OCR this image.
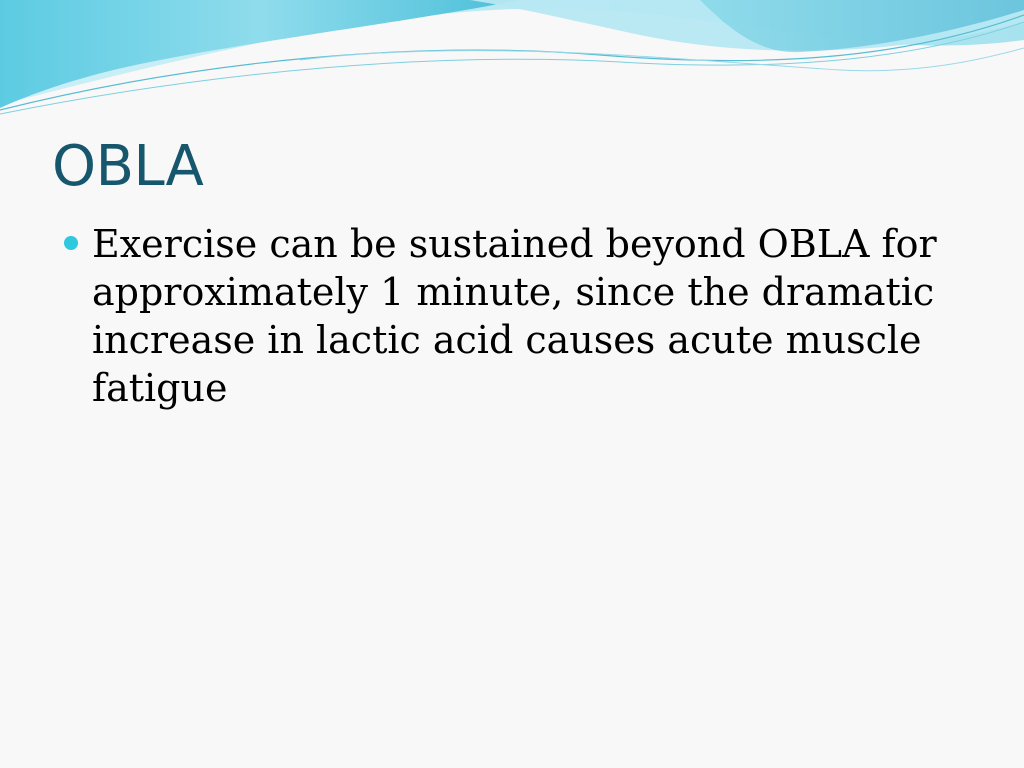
OBLA
Exercise can be sustained beyond OBLA for approximately 1 minute, since the dramatic increase in lactic acid causes acute muscle fatigue
